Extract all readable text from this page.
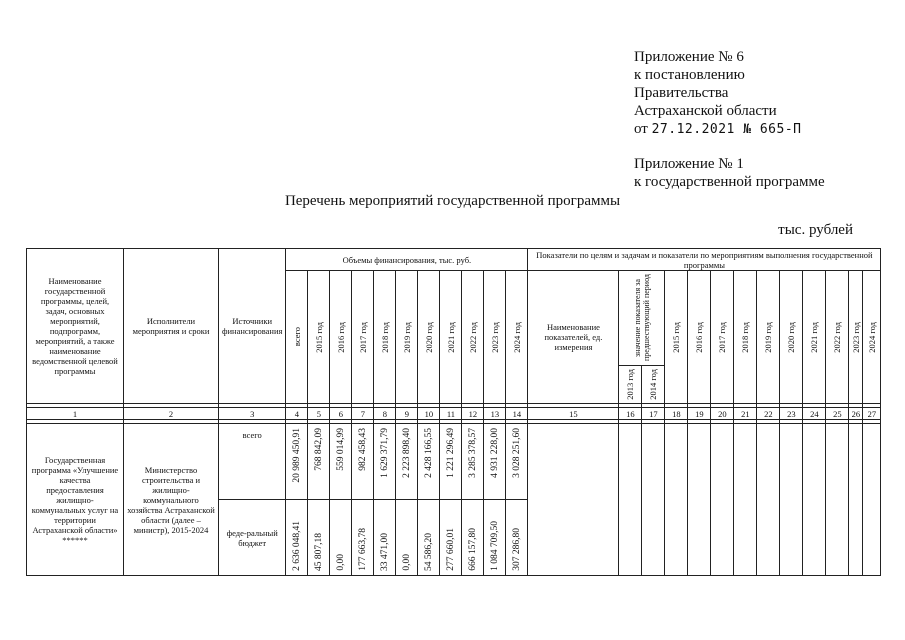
Приложение № 6
к постановлению
Правительства
Астраханской области
от 27.12.2021 № 665-П
Приложение № 1
к государственной программе
Перечень мероприятий государственной программы
тыс. рублей
Наименование государственной программы, целей, задач, основных мероприятий, подпрограмм, мероприятий, а также наименование ведомственной целевой программы	Исполнители мероприятия и сроки	Источники финансирования	Объемы финансирования, тыс. руб.											Показатели по целям и задачам и показатели по мероприятиям выполнения государственной программы												

			всего	2015 год	2016 год	2017 год	2018 год	2019 год	2020 год	2021 год	2022 год	2023 год	2024 год	Наименование показателей, ед. измерения	значение показателя за предшествующий период		2015 год	2016 год	2017 год	2018 год	2019 год	2020 год	2021 год	2022 год	2023 год	2024 год

															2013 год	2014 год										

1	2	3	4	5	6	7	8	9	10	11	12	13	14	15	16	17	18	19	20	21	22	23	24	25	26	27

Государственная программа «Улучшение качества предоставления жилищно-коммунальных услуг на территории Астраханской области» ******	Министерство строительства и жилищно-коммунального хозяйства Астраханской области (далее – министр), 2015-2024	всего	20 989 450,91	768 842,09	559 014,99	982 458,43	1 629 371,79	2 223 898,40	2 428 166,55	1 221 296,49	3 285 378,57	4 931 228,00	3 028 251,60													

		феде-ральный бюджет	2 636 048,41	45 807,18	0,00	177 663,78	33 471,00	0,00	54 586,20	277 660,01	666 157,80	1 084 709,50	307 286,80													
